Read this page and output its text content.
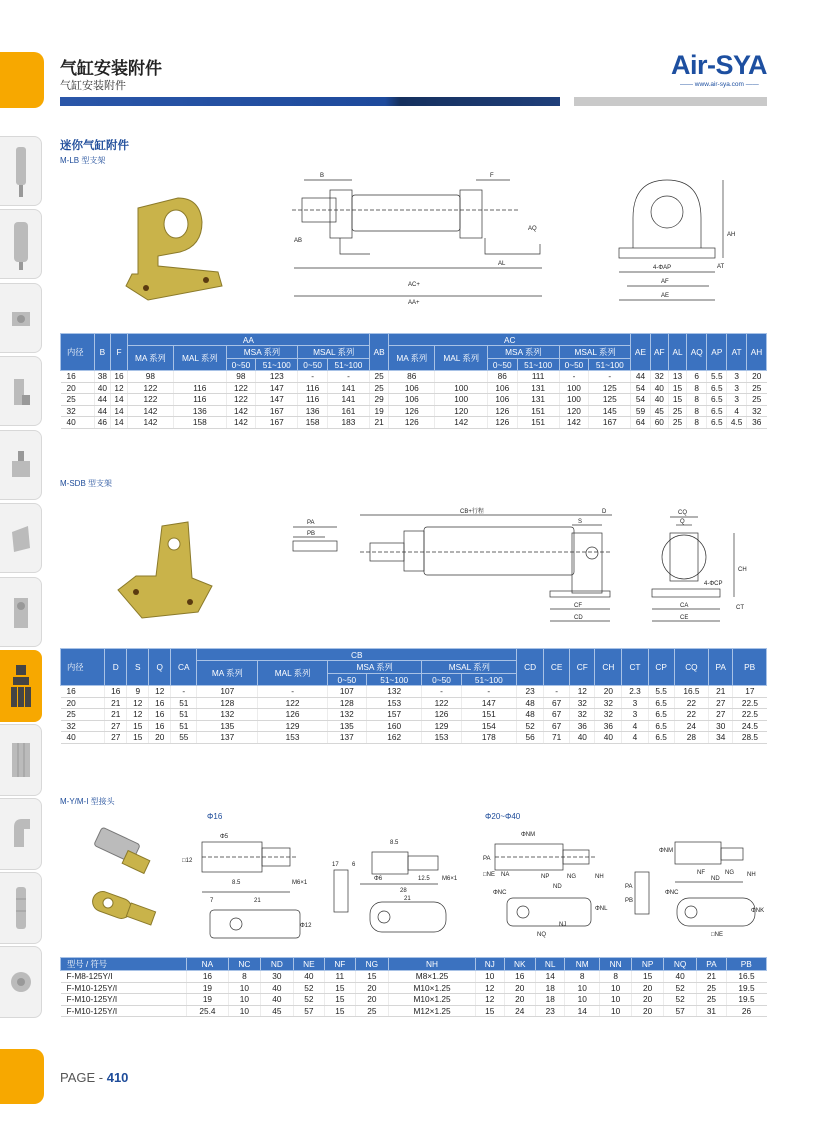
气缸安装附件
气缸安装附件
Air-SYA
—— www.air-sya.com ——
迷你气缸附件
M-LB 型支架
B	F
AB
AQ
AL
AC+
AA+
AH
AT
4-ΦAP
AF
AE
内径	B	F	AA						AB	AC						AE	AF	AL	AQ	AP	AT	AH
			MA 系列	MAL 系列	MSA 系列		MSAL 系列			MA 系列	MAL 系列	MSA 系列		MSAL 系列								
					0~50	51~100	0~50	51~100				0~50	51~100	0~50	51~100							
16	38	16	98		98	123	-	-	25	86		86	111	-	-	44	32	13	6	5.5	3	20
20	40	12	122	116	122	147	116	141	25	106	100	106	131	100	125	54	40	15	8	6.5	3	25
25	44	14	122	116	122	147	116	141	29	106	100	106	131	100	125	54	40	15	8	6.5	3	25
32	44	14	142	136	142	167	136	161	19	126	120	126	151	120	145	59	45	25	8	6.5	4	32
40	46	14	142	158	142	167	158	183	21	126	142	126	151	142	167	64	60	25	8	6.5	4.5	36
M-SDB 型支架
PA
PB
CB+行程
S
D
CF
CD
CQ
Q
4-ΦCP
CH
CT
CA
CE
内径	D	S	Q	CA	CB						CD	CE	CF	CH	CT	CP	CQ	PA	PB
					MA 系列	MAL 系列	MSA 系列		MSAL 系列										
							0~50	51~100	0~50	51~100									
16	16	9	12	-	107	-	107	132	-	-	23	-	12	20	2.3	5.5	16.5	21	17
20	21	12	16	51	128	122	128	153	122	147	48	67	32	32	3	6.5	22	27	22.5
25	21	12	16	51	132	126	132	157	126	151	48	67	32	32	3	6.5	22	27	22.5
32	27	15	16	51	135	129	135	160	129	154	52	67	36	36	4	6.5	24	30	24.5
40	27	15	20	55	137	153	137	162	153	178	56	71	40	40	4	6.5	28	34	28.5
M-Y/M-I 型接头
Φ16	Φ20~Φ40
Φ5
□12
8.5	M6×1
7	21
Φ12
8.5
6
17
Φ6	12.5
28
M6×1
21
ΦNM
PA
NA
□NE	NP	NG
ND
NH
ΦNC
ΦNL
NJ
NQ
ΦNM
NF	NG
ND
NH
PA
PB
ΦNC
ΦNK
□NE
型号 / 符号	NA	NC	ND	NE	NF	NG	NH	NJ	NK	NL	NM	NN	NP	NQ	PA	PB
F-M8-125Y/I	16	8	30	40	11	15	M8×1.25	10	16	14	8	8	15	40	21	16.5
F-M10-125Y/I	19	10	40	52	15	20	M10×1.25	12	20	18	10	10	20	52	25	19.5
F-M10-125Y/I	19	10	40	52	15	20	M10×1.25	12	20	18	10	10	20	52	25	19.5
F-M10-125Y/I	25.4	10	45	57	15	25	M12×1.25	15	24	23	14	10	20	57	31	26
PAGE - 410
